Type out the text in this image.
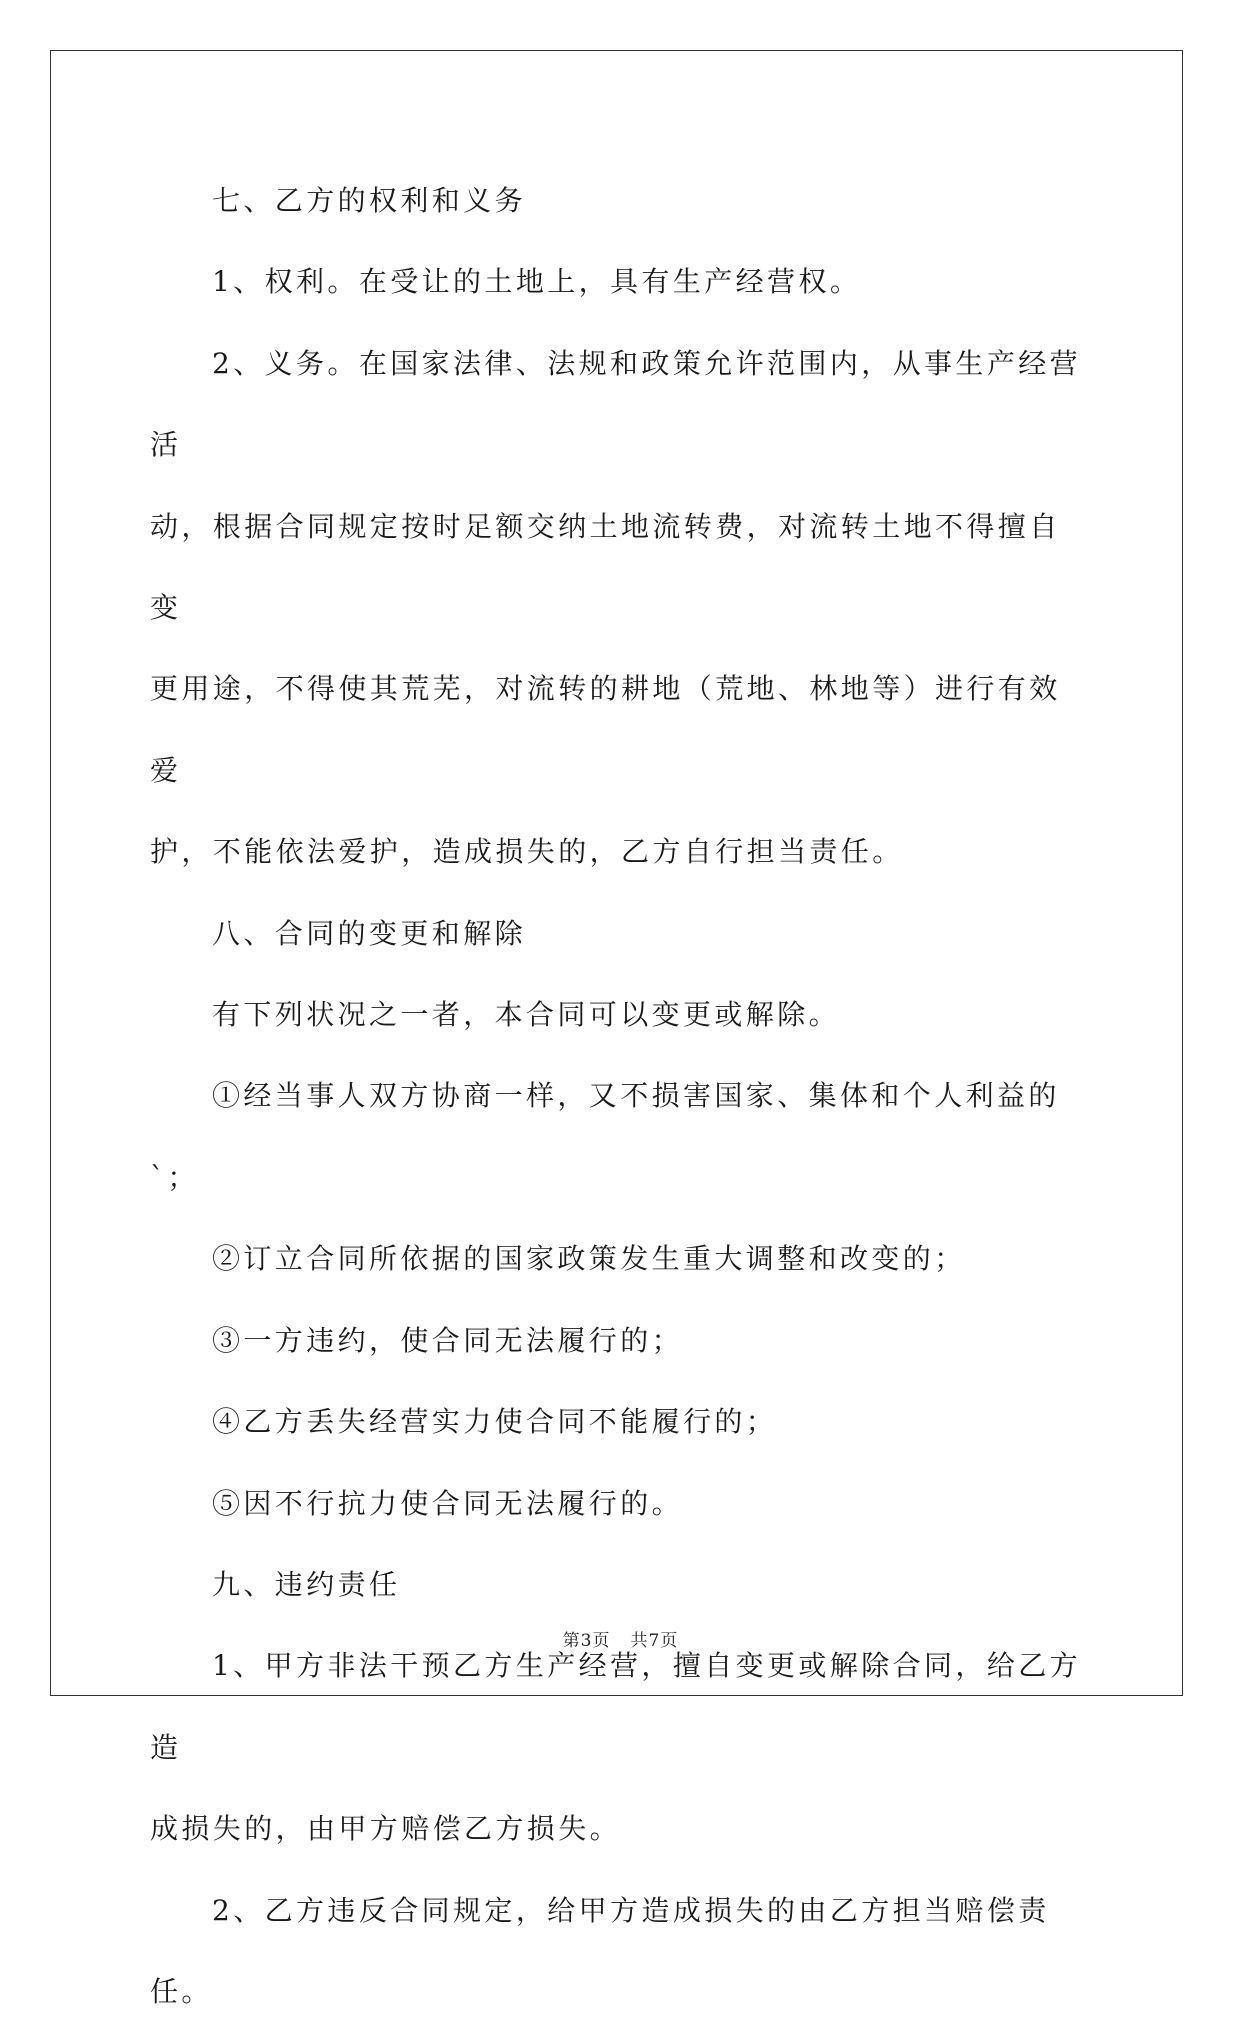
七、乙方的权利和义务

1、权利。在受让的土地上，具有生产经营权。

2、义务。在国家法律、法规和政策允许范围内，从事生产经营活
动，根据合同规定按时足额交纳土地流转费，对流转土地不得擅自变
更用途，不得使其荒芜，对流转的耕地（荒地、林地等）进行有效爱
护，不能依法爱护，造成损失的，乙方自行担当责任。

八、合同的变更和解除

有下列状况之一者，本合同可以变更或解除。

①经当事人双方协商一样，又不损害国家、集体和个人利益的`；

②订立合同所依据的国家政策发生重大调整和改变的；

③一方违约，使合同无法履行的；

④乙方丢失经营实力使合同不能履行的；

⑤因不行抗力使合同无法履行的。

九、违约责任

1、甲方非法干预乙方生产经营，擅自变更或解除合同，给乙方造
成损失的，由甲方赔偿乙方损失。

2、乙方违反合同规定，给甲方造成损失的由乙方担当赔偿责任。

第3页 共7页
